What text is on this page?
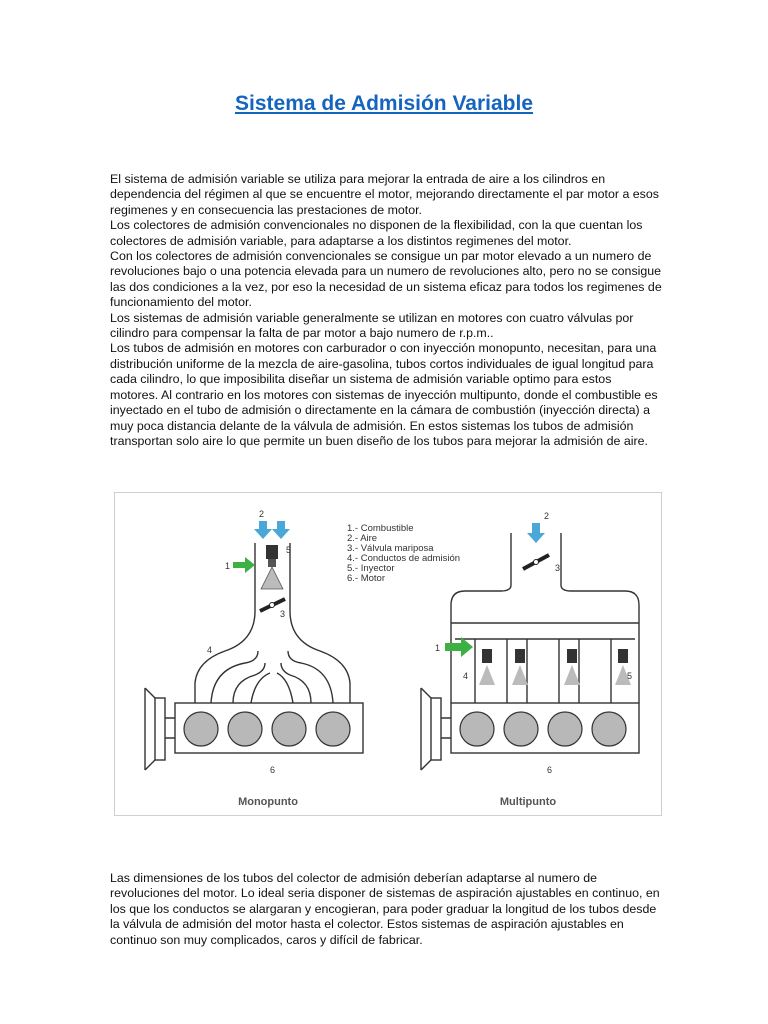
Sistema de Admisión Variable

El sistema de admisión variable se utiliza para mejorar la entrada de aire a los cilindros en dependencia del régimen al que se encuentre el motor, mejorando directamente el par motor a esos regimenes y en consecuencia las prestaciones de motor.

Los colectores de admisión convencionales no disponen de la flexibilidad, con la que cuentan los colectores de admisión variable, para adaptarse a los distintos regimenes del motor.

Con los colectores de admisión convencionales se consigue un par motor elevado a un numero de revoluciones bajo o una potencia elevada para un numero de revoluciones alto, pero no se consigue las dos condiciones a la vez, por eso la necesidad de un sistema eficaz para todos los regimenes de funcionamiento del motor.

Los sistemas de admisión variable generalmente se utilizan en motores con cuatro válvulas por cilindro para compensar la falta de par motor a bajo numero de r.p.m..

Los tubos de admisión en motores con carburador o con inyección monopunto, necesitan, para una distribución uniforme de la mezcla de aire-gasolina, tubos cortos individuales de igual longitud para cada cilindro, lo que imposibilita diseñar un sistema de admisión variable optimo para estos motores. Al contrario en los motores con sistemas de inyección multipunto, donde el combustible es inyectado en el tubo de admisión o directamente en la cámara de combustión (inyección directa) a muy poca distancia delante de la válvula de admisión. En estos sistemas los tubos de admisión transportan solo aire lo que permite un buen diseño de los tubos para mejorar la admisión de aire.

1.- Combustible
2.- Aire
3.- Válvula mariposa
4.- Conductos de admisión
5.- Inyector
6.- Motor
2
5
1
3
4
6
2
3
1
4	5
6
Monopunto	Multipunto

Las dimensiones de los tubos del colector de admisión deberían adaptarse al numero de revoluciones del motor. Lo ideal seria disponer de sistemas de aspiración ajustables en continuo, en los que los conductos se alargaran y encogieran, para poder graduar la longitud de los tubos desde la válvula de admisión del motor hasta el colector. Estos sistemas de aspiración ajustables en continuo son muy complicados, caros y difícil de fabricar.
